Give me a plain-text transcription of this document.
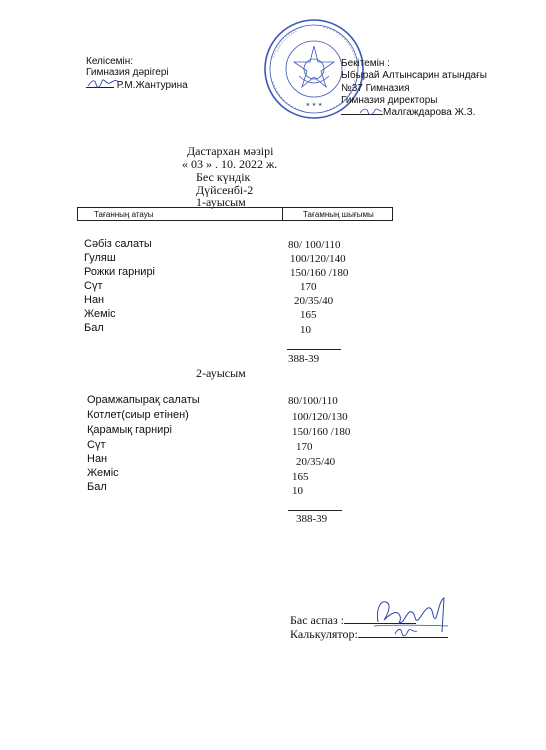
★ ★ ★
Келісемін:
Гимназия дәрігері
Р.М.Жантурина
Бекітемін :
Ыбырай Алтынсарин атындағы
№37 Гимназия
Гимназия директоры
Малгаждарова Ж.З.
Дастархан мәзірі
« 03 » . 10. 2022 ж.
Бес күндік
Дүйсенбі-2
1-ауысым
Тағанның атауы	Тағамның шығымы
Сәбіз салаты	80/ 100/110
Гуляш	100/120/140
Рожки гарнирі	150/160 /180
Сүт	170
Нан	20/35/40
Жеміс	165
Бал	10
388-39
2-ауысым
Орамжапырақ салаты	80/100/110
Котлет(сиыр етінен)	100/120/130
Қарамық гарнирі	150/160 /180
Сүт	170
Нан	20/35/40
Жеміс	165
Бал	10
388-39
Бас аспаз :
Калькулятор:
